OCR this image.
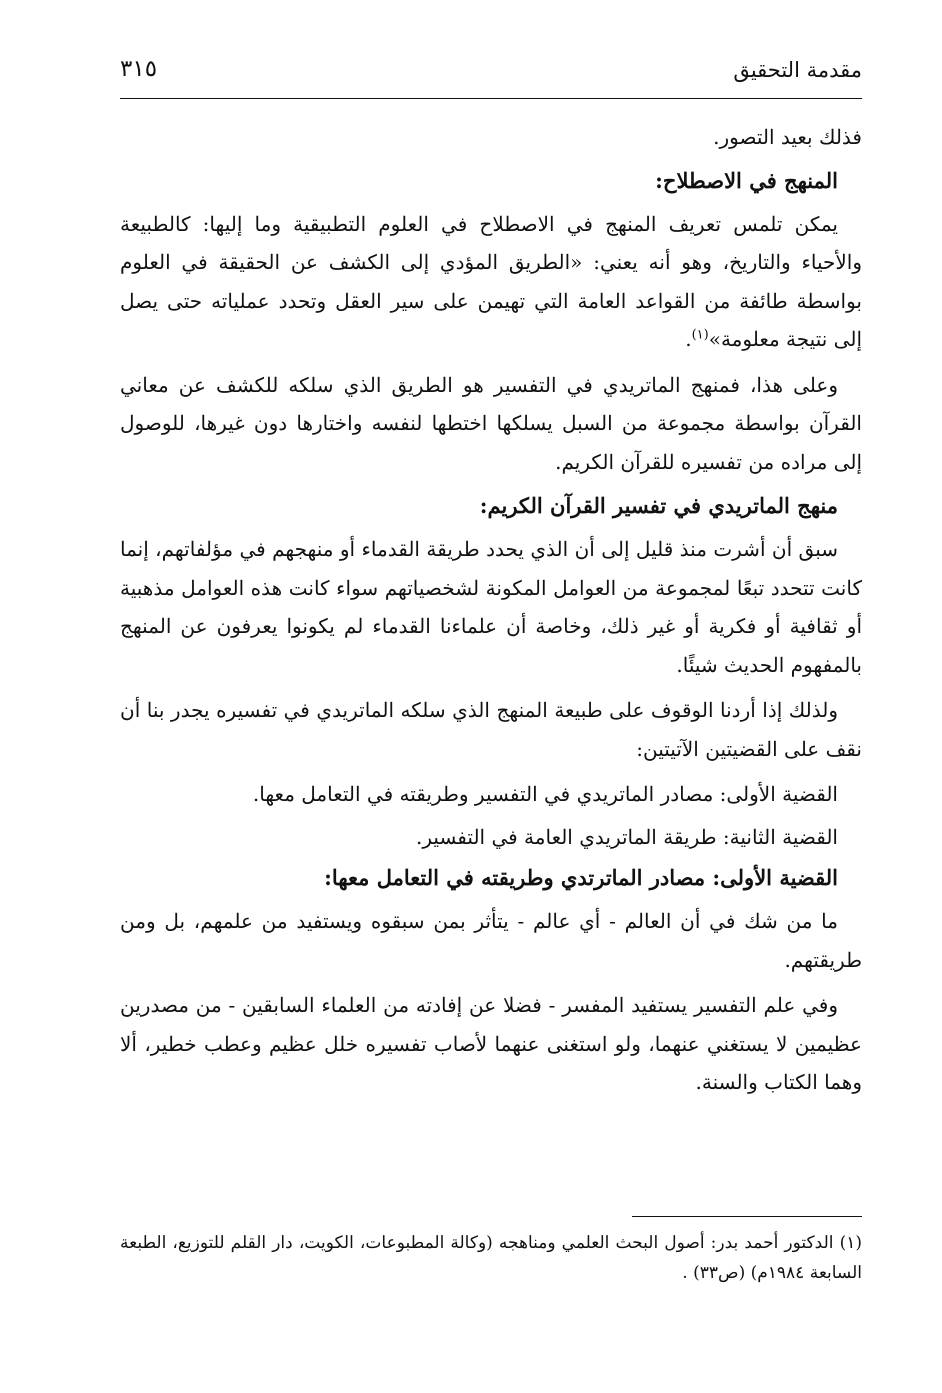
مقدمة التحقيق
٣١٥

فذلك بعيد التصور.

المنهج في الاصطلاح:

يمكن تلمس تعريف المنهج في الاصطلاح في العلوم التطبيقية وما إليها: كالطبيعة والأحياء والتاريخ، وهو أنه يعني: «الطريق المؤدي إلى الكشف عن الحقيقة في العلوم بواسطة طائفة من القواعد العامة التي تهيمن على سير العقل وتحدد عملياته حتى يصل إلى نتيجة معلومة»$^{(١)}$.

وعلى هذا، فمنهج الماتريدي في التفسير هو الطريق الذي سلكه للكشف عن معاني القرآن بواسطة مجموعة من السبل يسلكها اختطها لنفسه واختارها دون غيرها، للوصول إلى مراده من تفسيره للقرآن الكريم.

منهج الماتريدي في تفسير القرآن الكريم:

سبق أن أشرت منذ قليل إلى أن الذي يحدد طريقة القدماء أو منهجهم في مؤلفاتهم، إنما كانت تتحدد تبعًا لمجموعة من العوامل المكونة لشخصياتهم سواء كانت هذه العوامل مذهبية أو ثقافية أو فكرية أو غير ذلك، وخاصة أن علماءنا القدماء لم يكونوا يعرفون عن المنهج بالمفهوم الحديث شيئًا.

ولذلك إذا أردنا الوقوف على طبيعة المنهج الذي سلكه الماتريدي في تفسيره يجدر بنا أن نقف على القضيتين الآتيتين:

القضية الأولى: مصادر الماتريدي في التفسير وطريقته في التعامل معها.

القضية الثانية: طريقة الماتريدي العامة في التفسير.

القضية الأولى: مصادر الماترتدي وطريقته في التعامل معها:

ما من شك في أن العالم - أي عالم - يتأثر بمن سبقوه ويستفيد من علمهم، بل ومن طريقتهم.

وفي علم التفسير يستفيد المفسر - فضلا عن إفادته من العلماء السابقين - من مصدرين عظيمين لا يستغني عنهما، ولو استغنى عنهما لأصاب تفسيره خلل عظيم وعطب خطير، ألا وهما الكتاب والسنة.

(١) الدكتور أحمد بدر: أصول البحث العلمي ومناهجه (وكالة المطبوعات، الكويت، دار القلم للتوزيع، الطبعة السابعة ١٩٨٤م) (ص٣٣) .
